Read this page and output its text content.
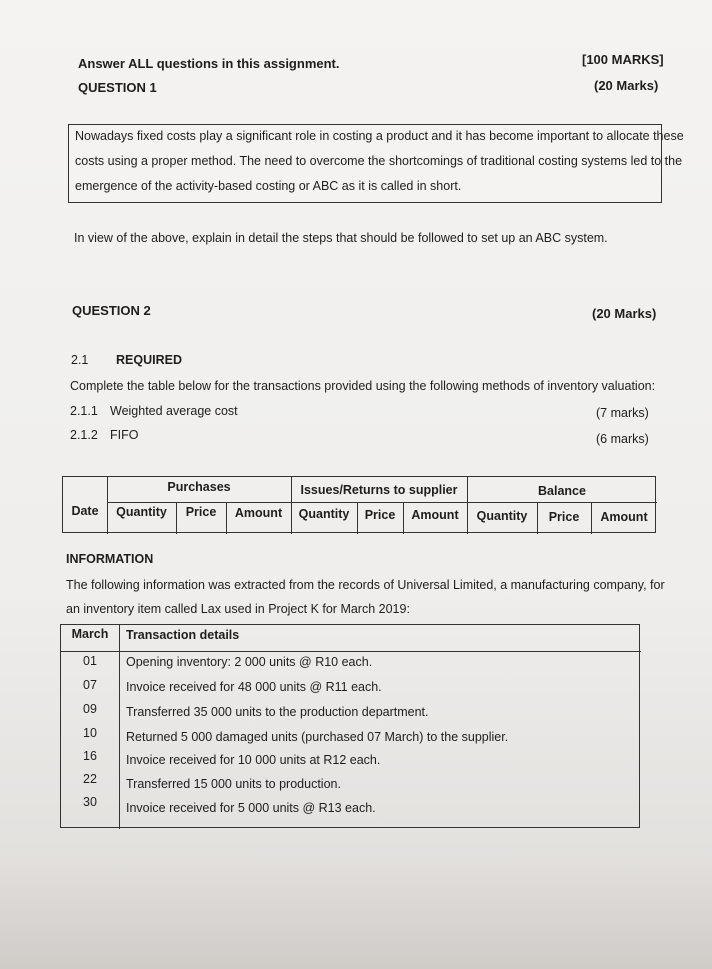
Answer ALL questions in this assignment.	[100 MARKS]
QUESTION 1	(20 Marks)
Nowadays fixed costs play a significant role in costing a product and it has become important to allocate these
costs using a proper method. The need to overcome the shortcomings of traditional costing systems led to the
emergence of the activity-based costing or ABC as it is called in short.
In view of the above, explain in detail the steps that should be followed to set up an ABC system.
QUESTION 2	(20 Marks)
2.1 REQUIRED
Complete the table below for the transactions provided using the following methods of inventory valuation:
2.1.1 Weighted average cost	(7 marks)
2.1.2 FIFO	(6 marks)
Purchases	Issues/Returns to supplier	Balance
Date	Quantity	Price	Amount	Quantity	Price	Amount	Quantity	Price	Amount
INFORMATION
The following information was extracted from the records of Universal Limited, a manufacturing company, for
an inventory item called Lax used in Project K for March 2019:
March	Transaction details
01	Opening inventory: 2 000 units @ R10 each.
07	Invoice received for 48 000 units @ R11 each.
09	Transferred 35 000 units to the production department.
10	Returned 5 000 damaged units (purchased 07 March) to the supplier.
16	Invoice received for 10 000 units at R12 each.
22	Transferred 15 000 units to production.
30	Invoice received for 5 000 units @ R13 each.
